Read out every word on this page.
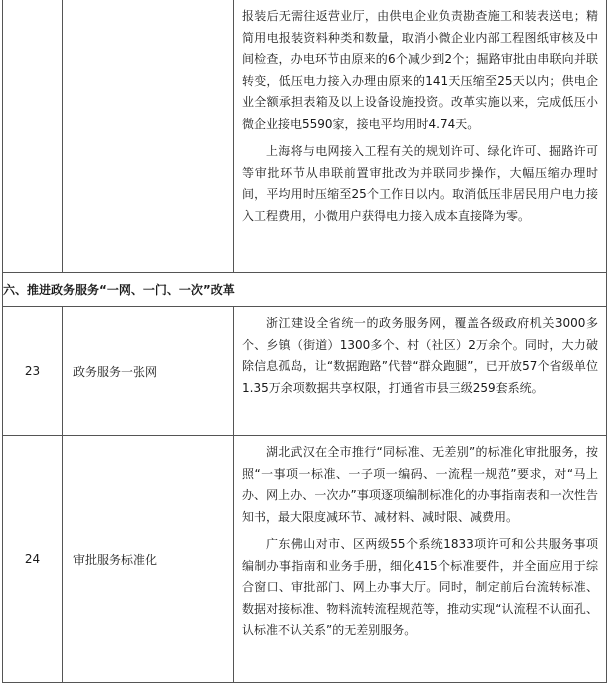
		报装后无需往返营业厅，由供电企业负责勘查施工和装表送电；精简用电报装资料种类和数量，取消小微企业内部工程图纸审核及中间检查，办电环节由原来的6个减少到2个；掘路审批由串联向并联转变，低压电力接入办理由原来的141天压缩至25天以内；供电企业全额承担表箱及以上设备设施投资。改革实施以来，完成低压小微企业接电5590家，接电平均用时4.74天。

上海将与电网接入工程有关的规划许可、绿化许可、掘路许可等审批环节从串联前置审批改为并联同步操作，大幅压缩办理时间，平均用时压缩至25个工作日以内。取消低压非居民用户电力接入工程费用，小微用户获得电力接入成本直接降为零。

六、推进政务服务“一网、一门、一次”改革		
23	政务服务一张网	浙江建设全省统一的政务服务网，覆盖各级政府机关3000多个、乡镇（街道）1300多个、村（社区）2万余个。同时，大力破除信息孤岛，让“数据跑路”代替“群众跑腿”，已开放57个省级单位1.35万余项数据共享权限，打通省市县三级259套系统。

24	审批服务标准化	湖北武汉在全市推行“同标准、无差别”的标准化审批服务，按照“一事项一标准、一子项一编码、一流程一规范”要求，对“马上办、网上办、一次办”事项逐项编制标准化的办事指南表和一次性告知书，最大限度减环节、减材料、减时限、减费用。

广东佛山对市、区两级55个系统1833项许可和公共服务事项编制办事指南和业务手册，细化415个标准要件，并全面应用于综合窗口、审批部门、网上办事大厅。同时，制定前后台流转标准、数据对接标准、物料流转流程规范等，推动实现“认流程不认面孔、认标准不认关系”的无差别服务。
